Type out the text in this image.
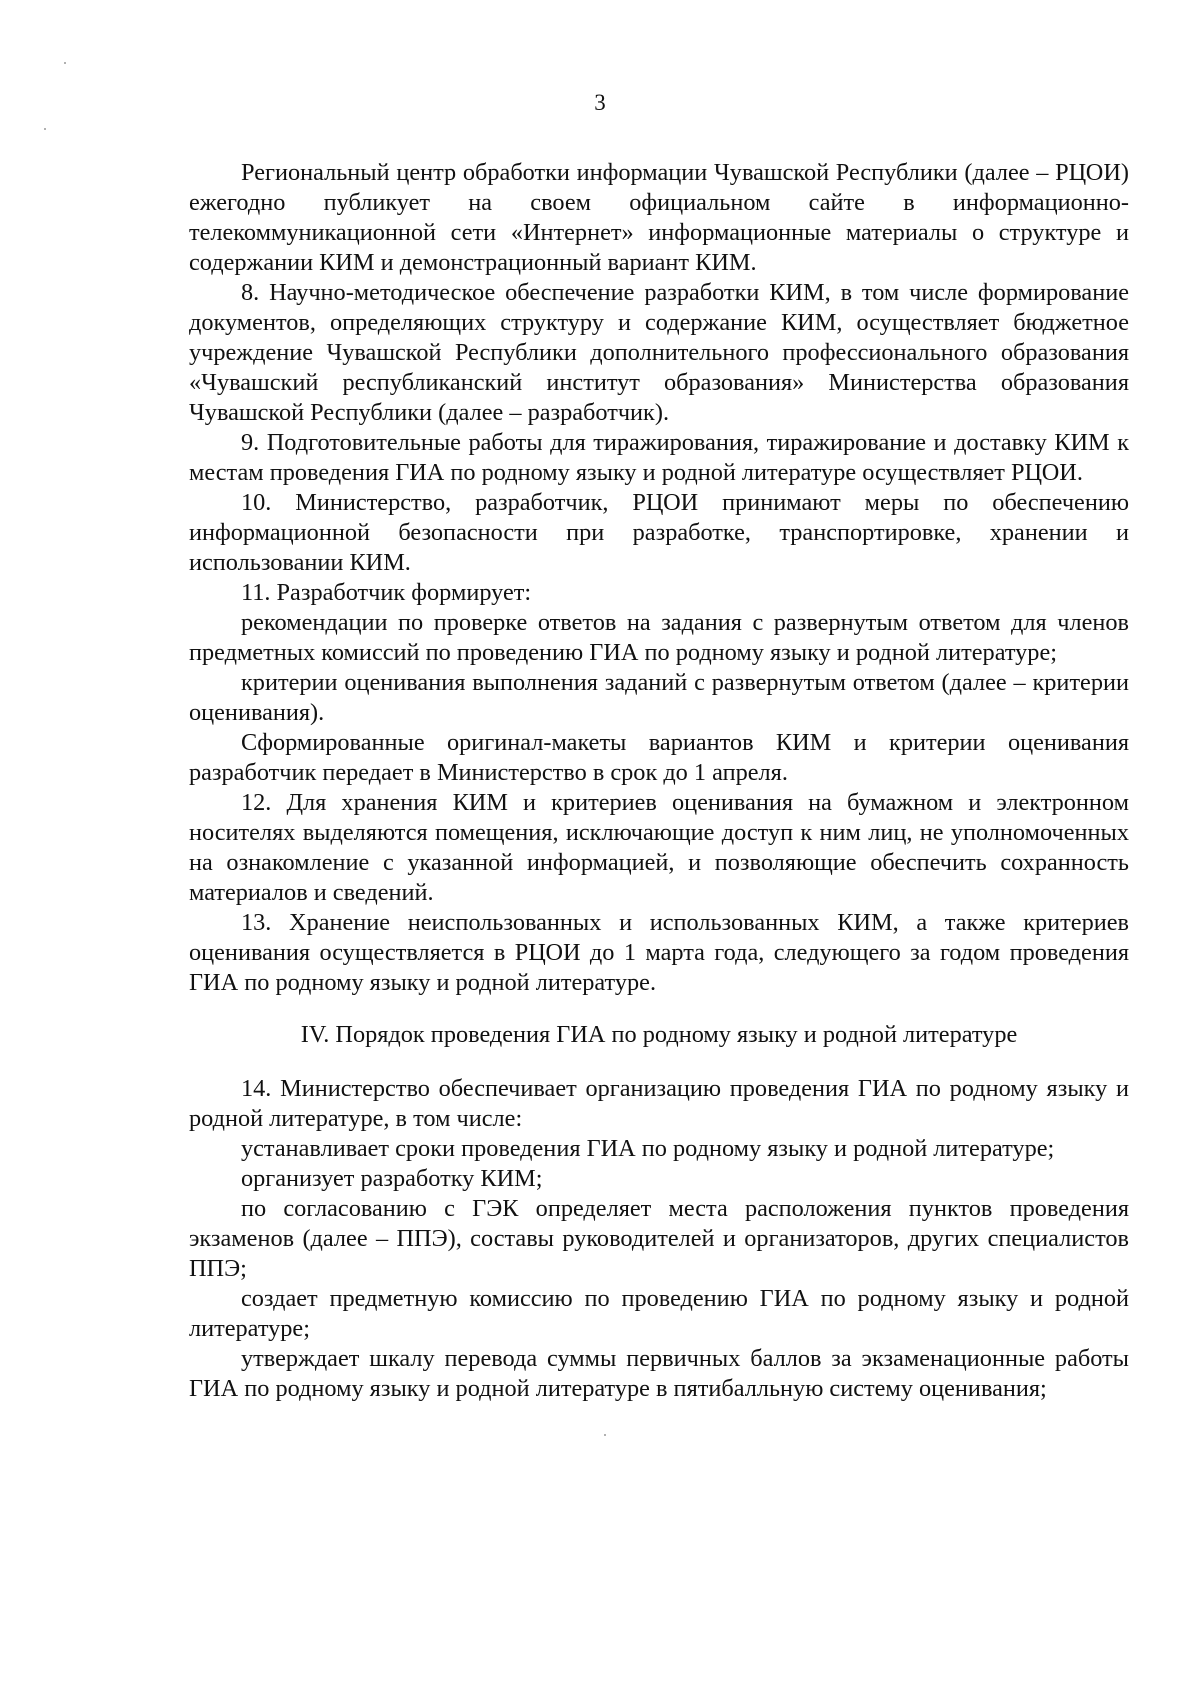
3

Региональный центр обработки информации Чувашской Республики (далее – РЦОИ) ежегодно публикует на своем официальном сайте в информационно-телекоммуникационной сети «Интернет» информационные материалы о структуре и содержании КИМ и демонстрационный вариант КИМ.

8. Научно-методическое обеспечение разработки КИМ, в том числе формирование документов, определяющих структуру и содержание КИМ, осуществляет бюджетное учреждение Чувашской Республики дополнительного профессионального образования «Чувашский республиканский институт образования» Министерства образования Чувашской Республики (далее – разработчик).

9. Подготовительные работы для тиражирования, тиражирование и доставку КИМ к местам проведения ГИА по родному языку и родной литературе осуществляет РЦОИ.

10. Министерство, разработчик, РЦОИ принимают меры по обеспечению информационной безопасности при разработке, транспортировке, хранении и использовании КИМ.

11. Разработчик формирует:

рекомендации по проверке ответов на задания с развернутым ответом для членов предметных комиссий по проведению ГИА по родному языку и родной литературе;

критерии оценивания выполнения заданий с развернутым ответом (далее – критерии оценивания).

Сформированные оригинал-макеты вариантов КИМ и критерии оценивания разработчик передает в Министерство в срок до 1 апреля.

12. Для хранения КИМ и критериев оценивания на бумажном и электронном носителях выделяются помещения, исключающие доступ к ним лиц, не уполномоченных на ознакомление с указанной информацией, и позволяющие обеспечить сохранность материалов и сведений.

13. Хранение неиспользованных и использованных КИМ, а также критериев оценивания осуществляется в РЦОИ до 1 марта года, следующего за годом проведения ГИА по родному языку и родной литературе.

IV. Порядок проведения ГИА по родному языку и родной литературе

14. Министерство обеспечивает организацию проведения ГИА по родному языку и родной литературе, в том числе:

устанавливает сроки проведения ГИА по родному языку и родной литературе;

организует разработку КИМ;

по согласованию с ГЭК определяет места расположения пунктов проведения экзаменов (далее – ППЭ), составы руководителей и организаторов, других специалистов ППЭ;

создает предметную комиссию по проведению ГИА по родному языку и родной литературе;

утверждает шкалу перевода суммы первичных баллов за экзаменационные работы ГИА по родному языку и родной литературе в пятибалльную систему оценивания;
